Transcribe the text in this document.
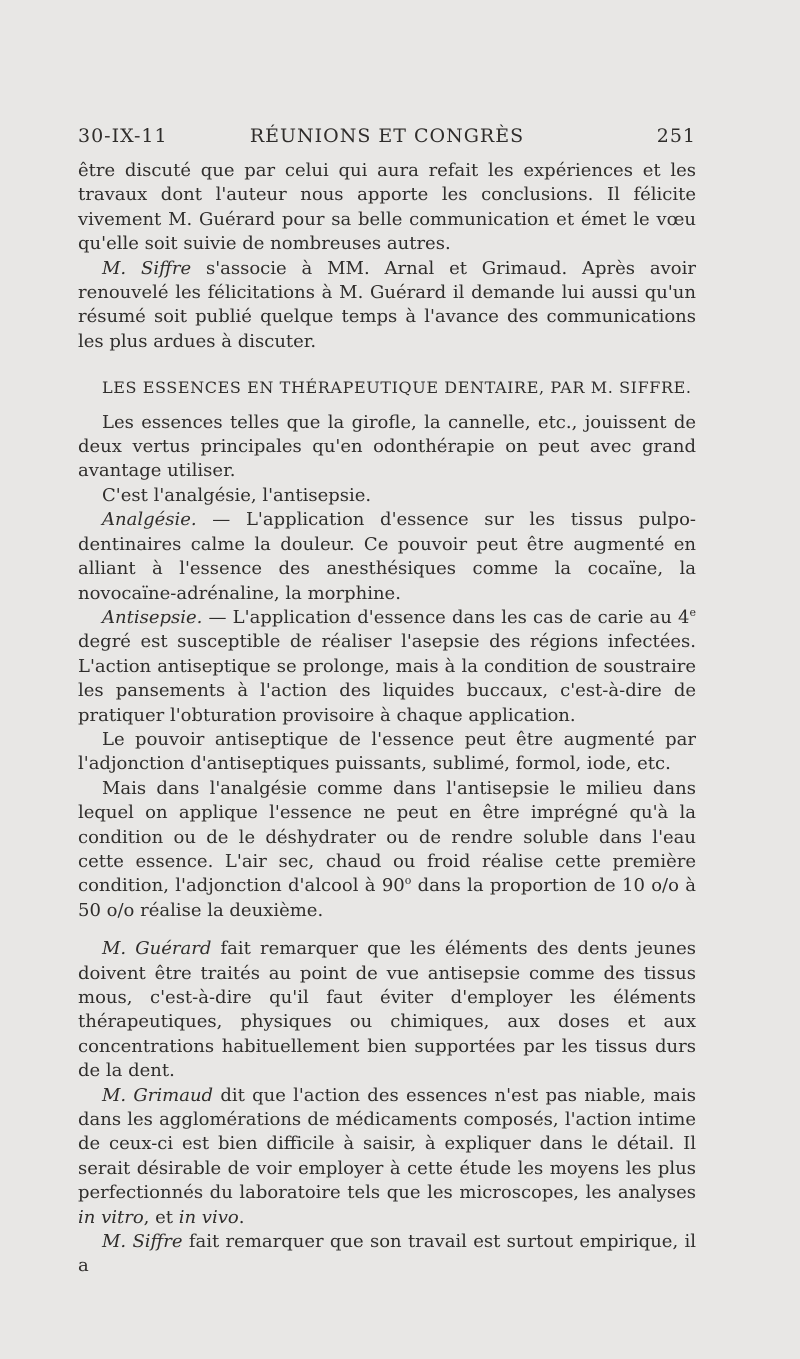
30-IX-11	RÉUNIONS ET CONGRÈS	251

être discuté que par celui qui aura refait les expériences et les travaux dont l'auteur nous apporte les conclusions. Il félicite vivement M. Guérard pour sa belle communication et émet le vœu qu'elle soit suivie de nombreuses autres.

M. Siffre s'associe à MM. Arnal et Grimaud. Après avoir renouvelé les félicitations à M. Guérard il demande lui aussi qu'un résumé soit publié quelque temps à l'avance des communications les plus ardues à discuter.

LES ESSENCES EN THÉRAPEUTIQUE DENTAIRE, PAR M. SIFFRE.

Les essences telles que la girofle, la cannelle, etc., jouissent de deux vertus principales qu'en odonthérapie on peut avec grand avantage utiliser.

C'est l'analgésie, l'antisepsie.

Analgésie. — L'application d'essence sur les tissus pulpo-dentinaires calme la douleur. Ce pouvoir peut être augmenté en alliant à l'essence des anesthésiques comme la cocaïne, la novocaïne-adrénaline, la morphine.

Antisepsie. — L'application d'essence dans les cas de carie au 4e degré est susceptible de réaliser l'asepsie des régions infectées. L'action antiseptique se prolonge, mais à la condition de soustraire les pansements à l'action des liquides buccaux, c'est-à-dire de pratiquer l'obturation provisoire à chaque application.

Le pouvoir antiseptique de l'essence peut être augmenté par l'adjonction d'antiseptiques puissants, sublimé, formol, iode, etc.

Mais dans l'analgésie comme dans l'antisepsie le milieu dans lequel on applique l'essence ne peut en être imprégné qu'à la condition ou de le déshydrater ou de rendre soluble dans l'eau cette essence. L'air sec, chaud ou froid réalise cette première condition, l'adjonction d'alcool à 90$^o$ dans la proportion de 10 o/o à 50 o/o réalise la deuxième.

M. Guérard fait remarquer que les éléments des dents jeunes doivent être traités au point de vue antisepsie comme des tissus mous, c'est-à-dire qu'il faut éviter d'employer les éléments thérapeutiques, physiques ou chimiques, aux doses et aux concentrations habituellement bien supportées par les tissus durs de la dent.

M. Grimaud dit que l'action des essences n'est pas niable, mais dans les agglomérations de médicaments composés, l'action intime de ceux-ci est bien difficile à saisir, à expliquer dans le détail. Il serait désirable de voir employer à cette étude les moyens les plus perfectionnés du laboratoire tels que les microscopes, les analyses in vitro, et in vivo.

M. Siffre fait remarquer que son travail est surtout empirique, il a
